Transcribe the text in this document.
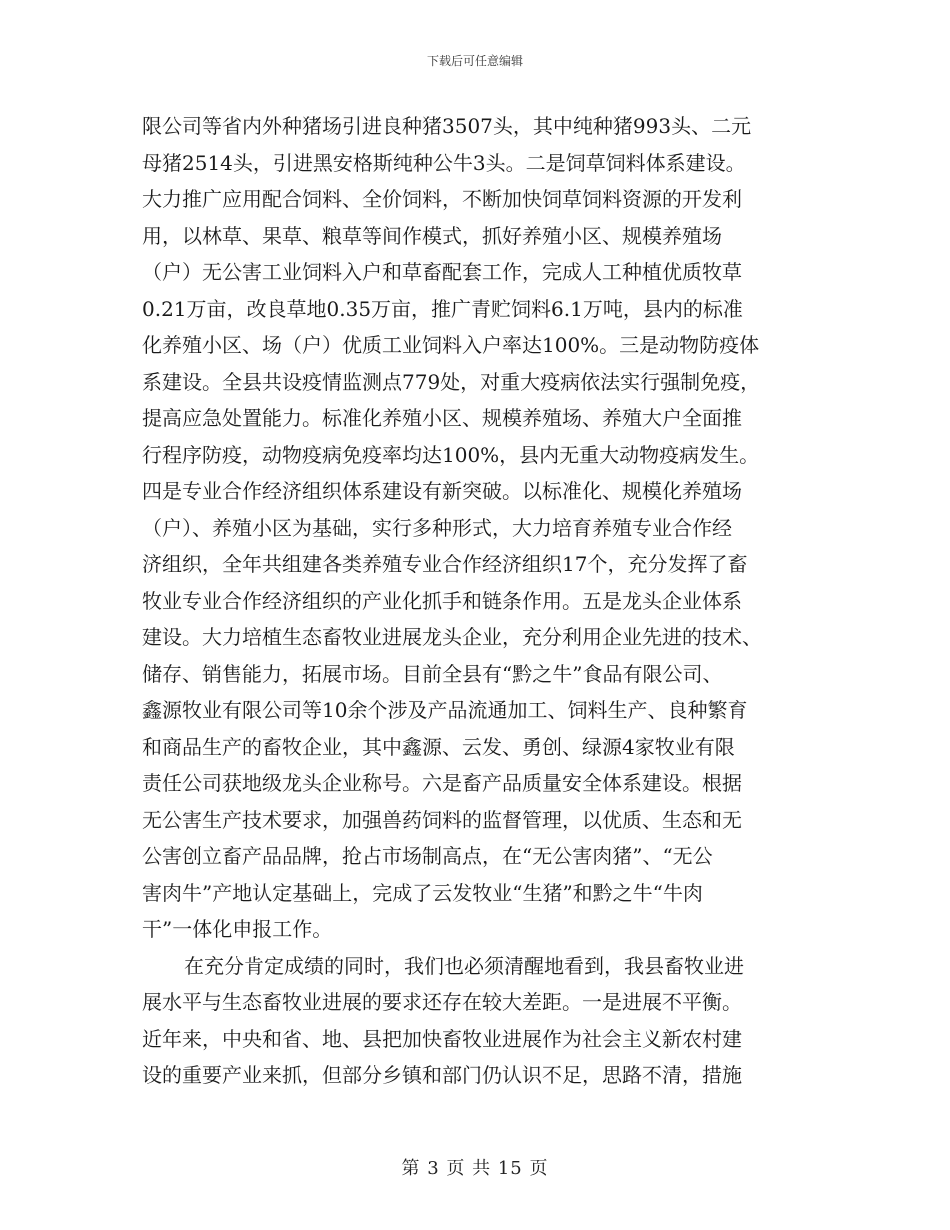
下载后可任意编辑
限公司等省内外种猪场引进良种猪3507头，其中纯种猪993头、二元
母猪2514头，引进黑安格斯纯种公牛3头。二是饲草饲料体系建设。
大力推广应用配合饲料、全价饲料，不断加快饲草饲料资源的开发利
用，以林草、果草、粮草等间作模式，抓好养殖小区、规模养殖场
（户）无公害工业饲料入户和草畜配套工作，完成人工种植优质牧草
0.21万亩，改良草地0.35万亩，推广青贮饲料6.1万吨，县内的标准
化养殖小区、场（户）优质工业饲料入户率达100%。三是动物防疫体
系建设。全县共设疫情监测点779处，对重大疫病依法实行强制免疫，
提高应急处置能力。标准化养殖小区、规模养殖场、养殖大户全面推
行程序防疫，动物疫病免疫率均达100%，县内无重大动物疫病发生。
四是专业合作经济组织体系建设有新突破。以标准化、规模化养殖场
（户）、养殖小区为基础，实行多种形式，大力培育养殖专业合作经
济组织，全年共组建各类养殖专业合作经济组织17个，充分发挥了畜
牧业专业合作经济组织的产业化抓手和链条作用。五是龙头企业体系
建设。大力培植生态畜牧业进展龙头企业，充分利用企业先进的技术、
储存、销售能力，拓展市场。目前全县有“黔之牛”食品有限公司、
鑫源牧业有限公司等10余个涉及产品流通加工、饲料生产、良种繁育
和商品生产的畜牧企业，其中鑫源、云发、勇创、绿源4家牧业有限
责任公司获地级龙头企业称号。六是畜产品质量安全体系建设。根据
无公害生产技术要求，加强兽药饲料的监督管理，以优质、生态和无
公害创立畜产品品牌，抢占市场制高点，在“无公害肉猪”、“无公
害肉牛”产地认定基础上，完成了云发牧业“生猪”和黔之牛“牛肉
干”一体化申报工作。
在充分肯定成绩的同时，我们也必须清醒地看到，我县畜牧业进
展水平与生态畜牧业进展的要求还存在较大差距。一是进展不平衡。
近年来，中央和省、地、县把加快畜牧业进展作为社会主义新农村建
设的重要产业来抓，但部分乡镇和部门仍认识不足，思路不清，措施
第 3 页 共 15 页
